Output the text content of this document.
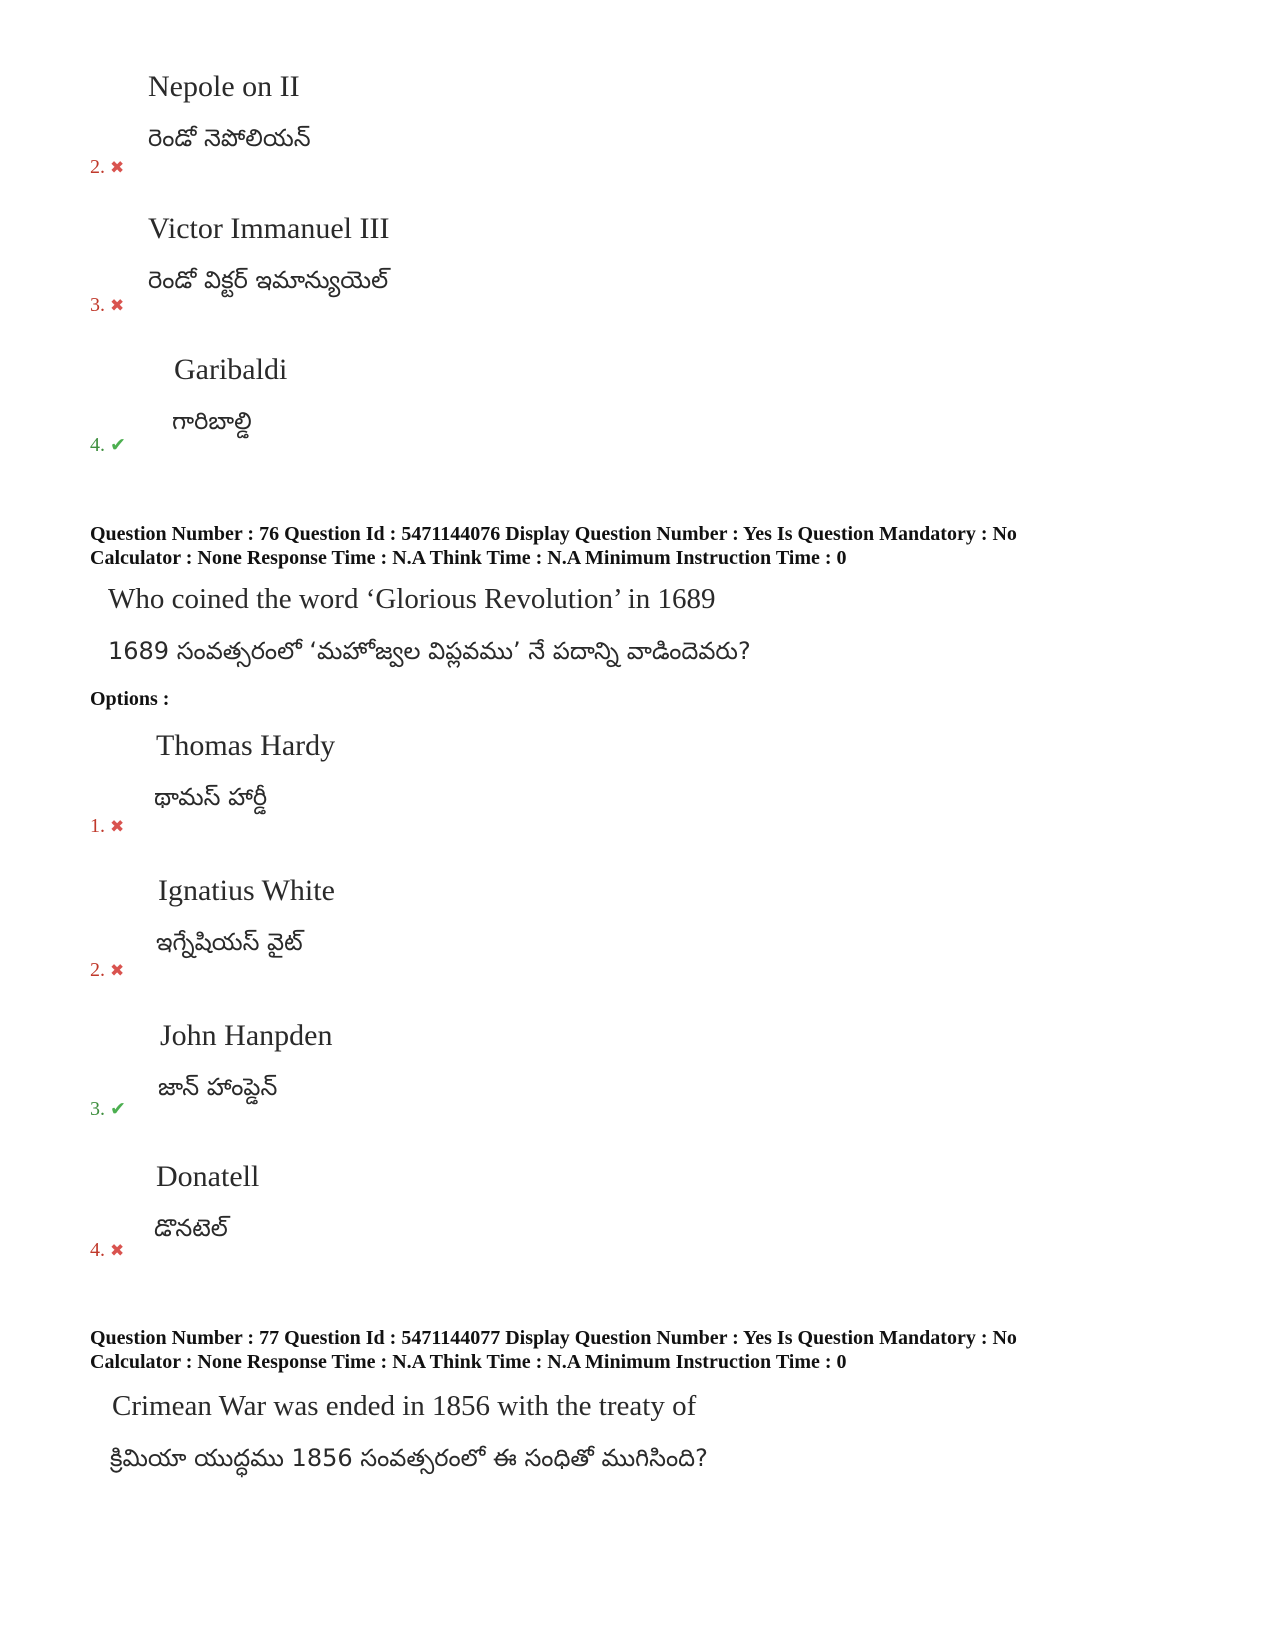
Nepole on II
రెండో నెపోలియన్
2. ✖
Victor Immanuel III
రెండో విక్టర్ ఇమాన్యుయెల్
3. ✖
Garibaldi
గారిబాల్డి
4. ✔
Question Number : 76 Question Id : 5471144076 Display Question Number : Yes Is Question Mandatory : No
Calculator : None Response Time : N.A Think Time : N.A Minimum Instruction Time : 0
Who coined the word ‘Glorious Revolution’ in 1689
1689 సంవత్సరంలో ‘మహోజ్వల విప్లవము’ నే పదాన్ని వాడిందెవరు?
Options :
Thomas Hardy
థామస్ హార్డీ
1. ✖
Ignatius White
ఇగ్నేషియస్ వైట్
2. ✖
John Hanpden
జాన్ హాంప్డెన్
3. ✔
Donatell
డొనటెల్
4. ✖
Question Number : 77 Question Id : 5471144077 Display Question Number : Yes Is Question Mandatory : No
Calculator : None Response Time : N.A Think Time : N.A Minimum Instruction Time : 0
Crimean War was ended in 1856 with the treaty of
క్రిమియా యుద్ధము 1856 సంవత్సరంలో ఈ సంధితో ముగిసింది?
